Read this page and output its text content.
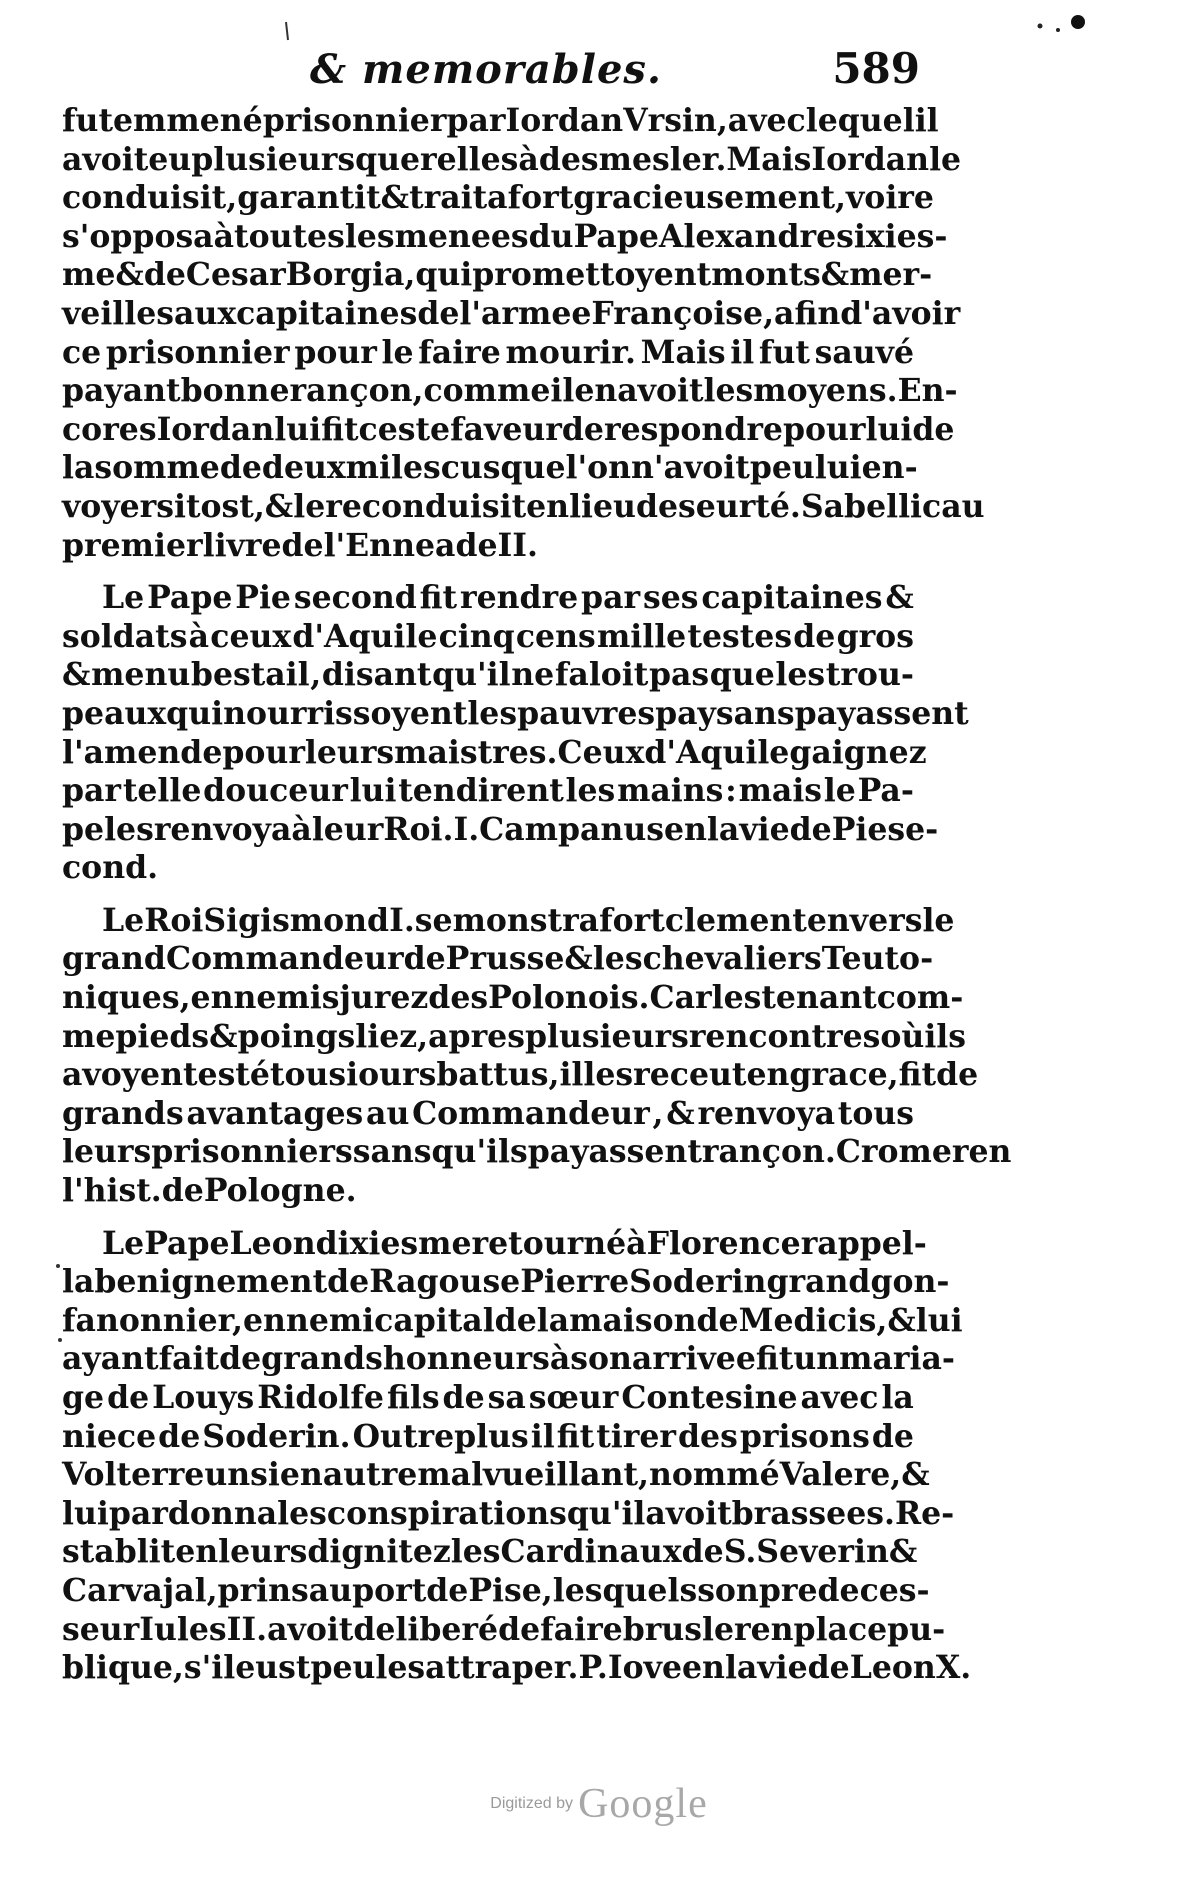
& memorables.	589
fut emmené prisonnier par Iordan Vrsin, avec lequel il
avoit eu plusieurs querelles à desmesler. Mais Iordan le
conduisit , garantit & traita fort gracieusement , voire
s'opposa à toutes les menees du Pape Alexandre sixies-
me & de Cesar Borgia, qui promettoyent monts & mer-
veilles aux capitaines de l'armee Françoise, afin d'avoir
ce prisonnier pour le faire mourir. Mais il fut sauvé
payant bonne rançon, comme il en avoit les moyens. En-
cores Iordan lui fit ceste faveur de respondre pour lui de
la somme de deux mil escus que l'on n'avoit peu lui en-
voyer si tost, & le reconduisit en lieu de seurté. Sabellic au
premier livre de l'Enneade II.
Le Pape Pie second fit rendre par ses capitaines &
soldats à ceux d'Aquile cinq cens mille testes de gros
& menu bestail , disant qu'il ne faloit pas que les trou-
peaux qui nourrissoyent les pauvres paysans payassent
l'amende pour leurs maistres. Ceux d'Aquile gaignez
par telle douceur lui tendirent les mains : mais le Pa-
pe les renvoya à leur Roi. I. Campanus en la vie de Pie se-
cond.
Le Roi Sigismond I. se monstra fort clement envers le
grand Commandeur de Prusse & les chevaliers Teuto-
niques, ennemis jurez des Polonois. Car les tenant com-
me pieds & poings liez, apres plusieurs rencontres où ils
avoyent esté tousiours battus, il les receut en grace, fit de
grands avantages au Commandeur , & renvoya tous
leurs prisonniers sans qu'ils payassent rançon. Cromer en
l'hist. de Pologne.
Le Pape Leon dixiesme retourné à Florence rappel-
la benignement de Ragouse Pierre Soderin grand gon-
fanonnier, ennemi capital de la maison de Medicis, & lui
ayant fait de grands honneurs à son arrivee fit un maria-
ge de Louys Ridolfe fils de sa sœur Contesine avec la
niece de Soderin. Outreplus il fit tirer des prisons de
Volterre un sien autre malvueillant, nommé Valere , &
lui pardonna les conspirations qu'il avoit brassees. Re-
stablit en leurs dignitez les Cardinaux de S. Severin &
Carvajal , prins au port de Pise , lesquels son predeces-
seur Iules II. avoit deliberé de faire brusler en place pu-
blique, s'il eust peu les attraper. P. Iove en la vie de Leon X.
Digitized by Google
